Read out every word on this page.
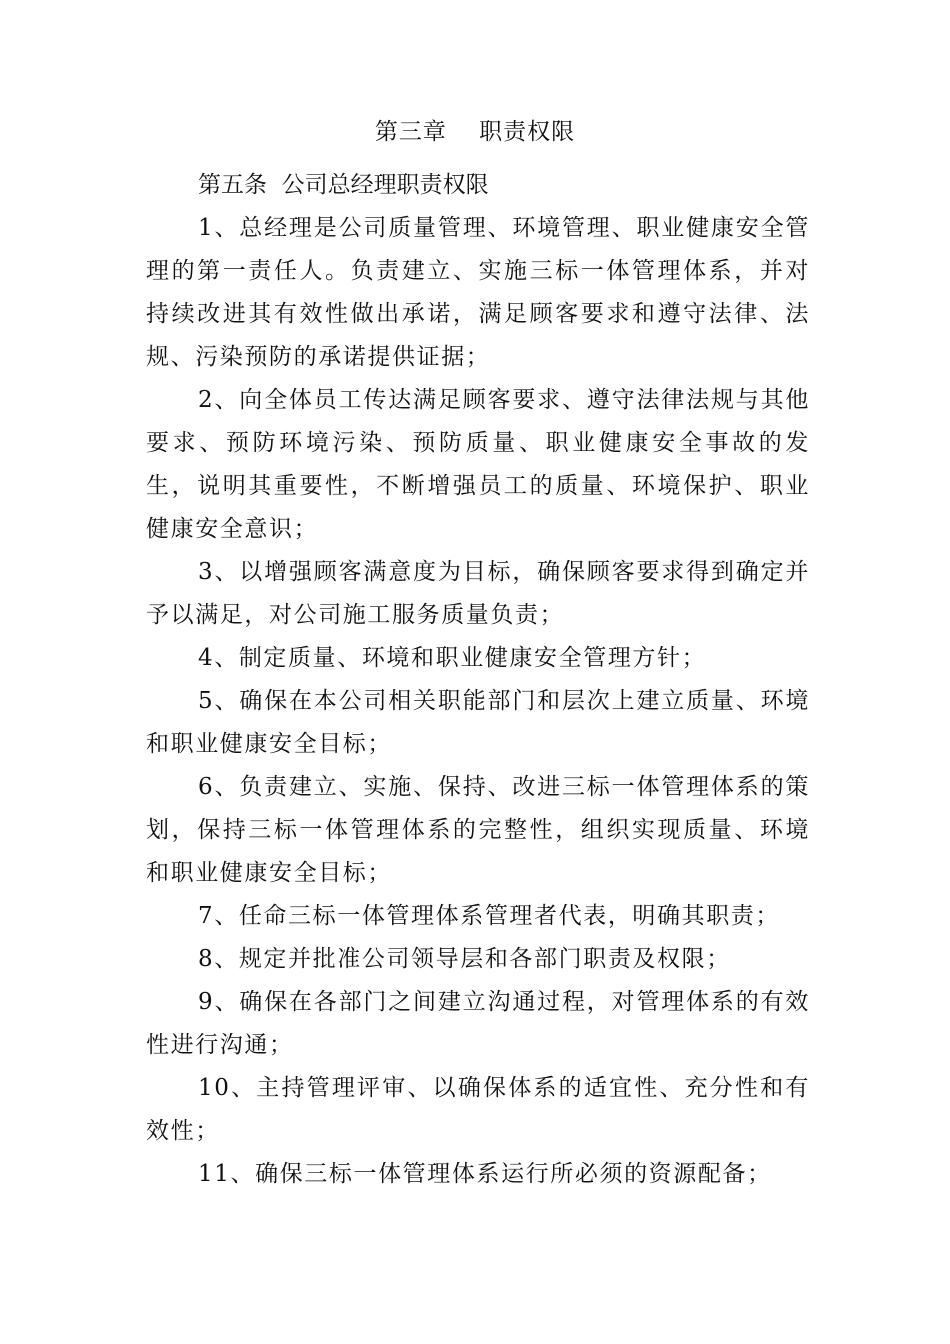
第三章　 职责权限

第五条  公司总经理职责权限

1、总经理是公司质量管理、环境管理、职业健康安全管理的第一责任人。负责建立、实施三标一体管理体系，并对持续改进其有效性做出承诺，满足顾客要求和遵守法律、法规、污染预防的承诺提供证据；

2、向全体员工传达满足顾客要求、遵守法律法规与其他要求、预防环境污染、预防质量、职业健康安全事故的发生，说明其重要性，不断增强员工的质量、环境保护、职业健康安全意识；

3、以增强顾客满意度为目标，确保顾客要求得到确定并予以满足，对公司施工服务质量负责；

4、制定质量、环境和职业健康安全管理方针；

5、确保在本公司相关职能部门和层次上建立质量、环境和职业健康安全目标；

6、负责建立、实施、保持、改进三标一体管理体系的策划，保持三标一体管理体系的完整性，组织实现质量、环境和职业健康安全目标；

7、任命三标一体管理体系管理者代表，明确其职责；

8、规定并批准公司领导层和各部门职责及权限；

9、确保在各部门之间建立沟通过程，对管理体系的有效性进行沟通；

10、主持管理评审、以确保体系的适宜性、充分性和有效性；

11、确保三标一体管理体系运行所必须的资源配备；
